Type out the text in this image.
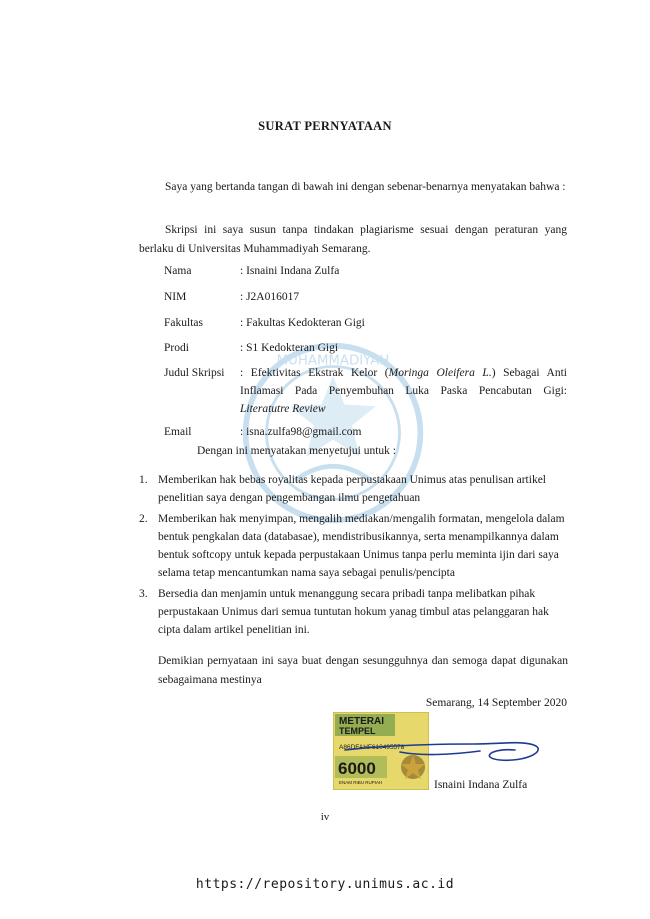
MUHAMMADIYAH
SURAT PERNYATAAN
Saya yang bertanda tangan di bawah ini dengan sebenar-benarnya menyatakan bahwa :
Skripsi ini saya susun tanpa tindakan plagiarisme sesuai dengan peraturan yang berlaku di Universitas Muhammadiyah Semarang.
Nama	: Isnaini Indana Zulfa
NIM	: J2A016017
Fakultas	: Fakultas Kedokteran Gigi
Prodi	: S1 Kedokteran Gigi
Judul Skripsi	: Efektivitas Ekstrak Kelor (Moringa Oleifera L.) Sebagai Anti Inflamasi Pada Penyembuhan Luka Paska Pencabutan Gigi: Literatutre Review
Email	: isna.zulfa98@gmail.com
Dengan ini menyatakan menyetujui untuk :
1. Memberikan hak bebas royalitas kepada perpustakaan Unimus atas penulisan artikel penelitian saya dengan pengembangan ilmu pengetahuan
2. Memberikan hak menyimpan, mengalih mediakan/mengalih formatan, mengelola dalam bentuk pengkalan data (databasae), mendistribusikannya, serta menampilkannya dalam bentuk softcopy untuk kepada perpustakaan Unimus tanpa perlu meminta ijin dari saya selama tetap mencantumkan nama saya sebagai penulis/pencipta
3. Bersedia dan menjamin untuk menanggung secara pribadi tanpa melibatkan pihak perpustakaan Unimus dari semua tuntutan hokum yanag timbul atas pelanggaran hak cipta dalam artikel penelitian ini.
Demikian pernyataan ini saya buat dengan sesungguhnya dan semoga dapat digunakan sebagaimana mestinya
Semarang, 14 September 2020
METERAI
TEMPEL
A86DFAHF610495578
6000
ENAM RIBU RUPIAH	Isnaini Indana Zulfa
iv
https://repository.unimus.ac.id
